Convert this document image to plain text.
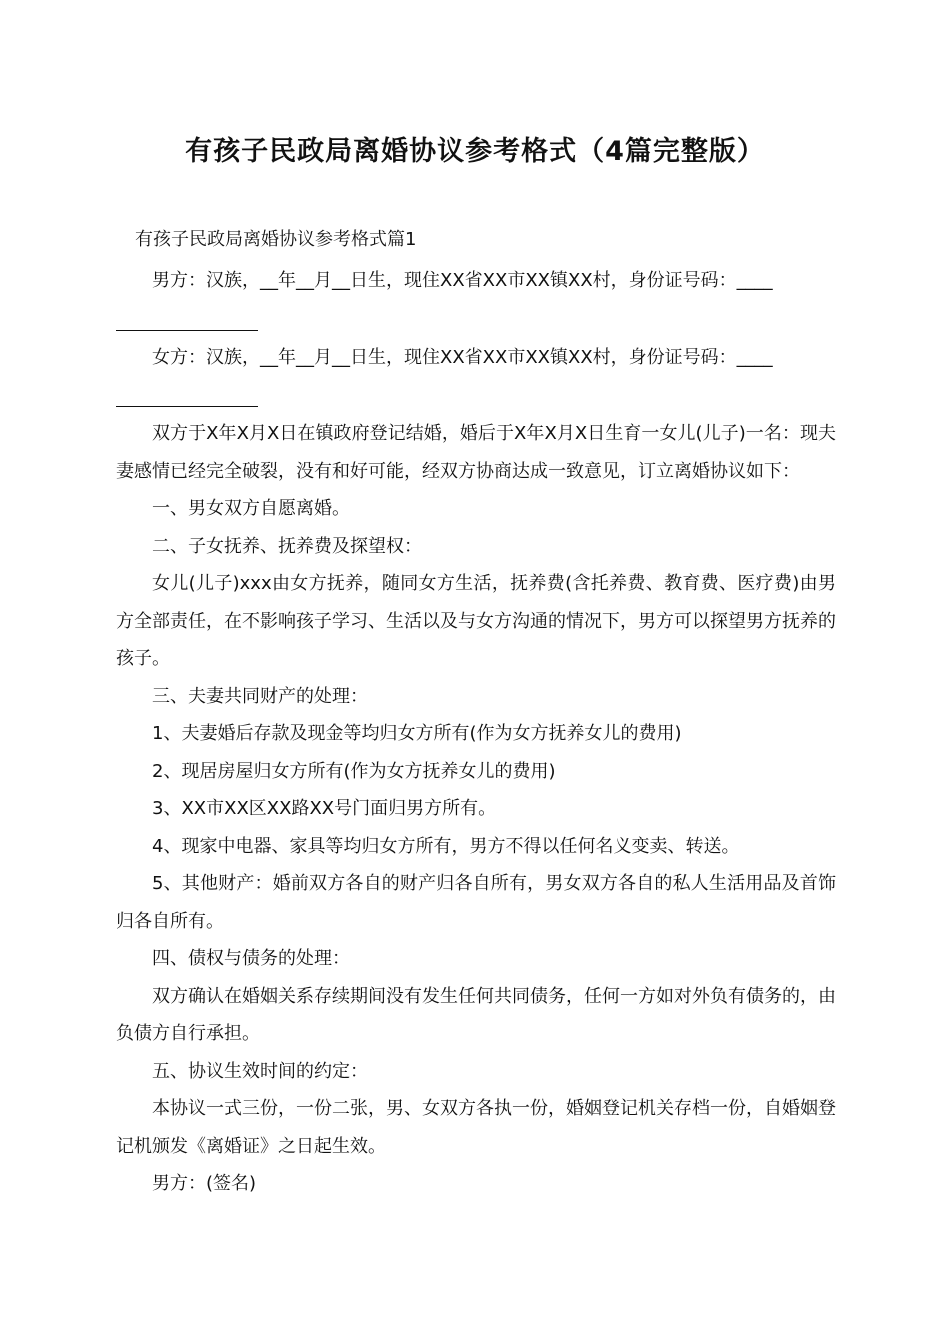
有孩子民政局离婚协议参考格式（4篇完整版）
有孩子民政局离婚协议参考格式篇1

男方：汉族，__年__月__日生，现住XX省XX市XX镇XX村，身份证号码：____

女方：汉族，__年__月__日生，现住XX省XX市XX镇XX村，身份证号码：____

双方于X年X月X日在镇政府登记结婚，婚后于X年X月X日生育一女儿(儿子)一名：现夫妻感情已经完全破裂，没有和好可能，经双方协商达成一致意见，订立离婚协议如下：

一、男女双方自愿离婚。

二、子女抚养、抚养费及探望权：

女儿(儿子)xxx由女方抚养，随同女方生活，抚养费(含托养费、教育费、医疗费)由男方全部责任，在不影响孩子学习、生活以及与女方沟通的情况下，男方可以探望男方抚养的孩子。

三、夫妻共同财产的处理：

1、夫妻婚后存款及现金等均归女方所有(作为女方抚养女儿的费用)

2、现居房屋归女方所有(作为女方抚养女儿的费用)

3、XX市XX区XX路XX号门面归男方所有。

4、现家中电器、家具等均归女方所有，男方不得以任何名义变卖、转送。

5、其他财产：婚前双方各自的财产归各自所有，男女双方各自的私人生活用品及首饰归各自所有。

四、债权与债务的处理：

双方确认在婚姻关系存续期间没有发生任何共同债务，任何一方如对外负有债务的，由负债方自行承担。

五、协议生效时间的约定：

本协议一式三份，一份二张，男、女双方各执一份，婚姻登记机关存档一份，自婚姻登记机颁发《离婚证》之日起生效。

男方：(签名)
